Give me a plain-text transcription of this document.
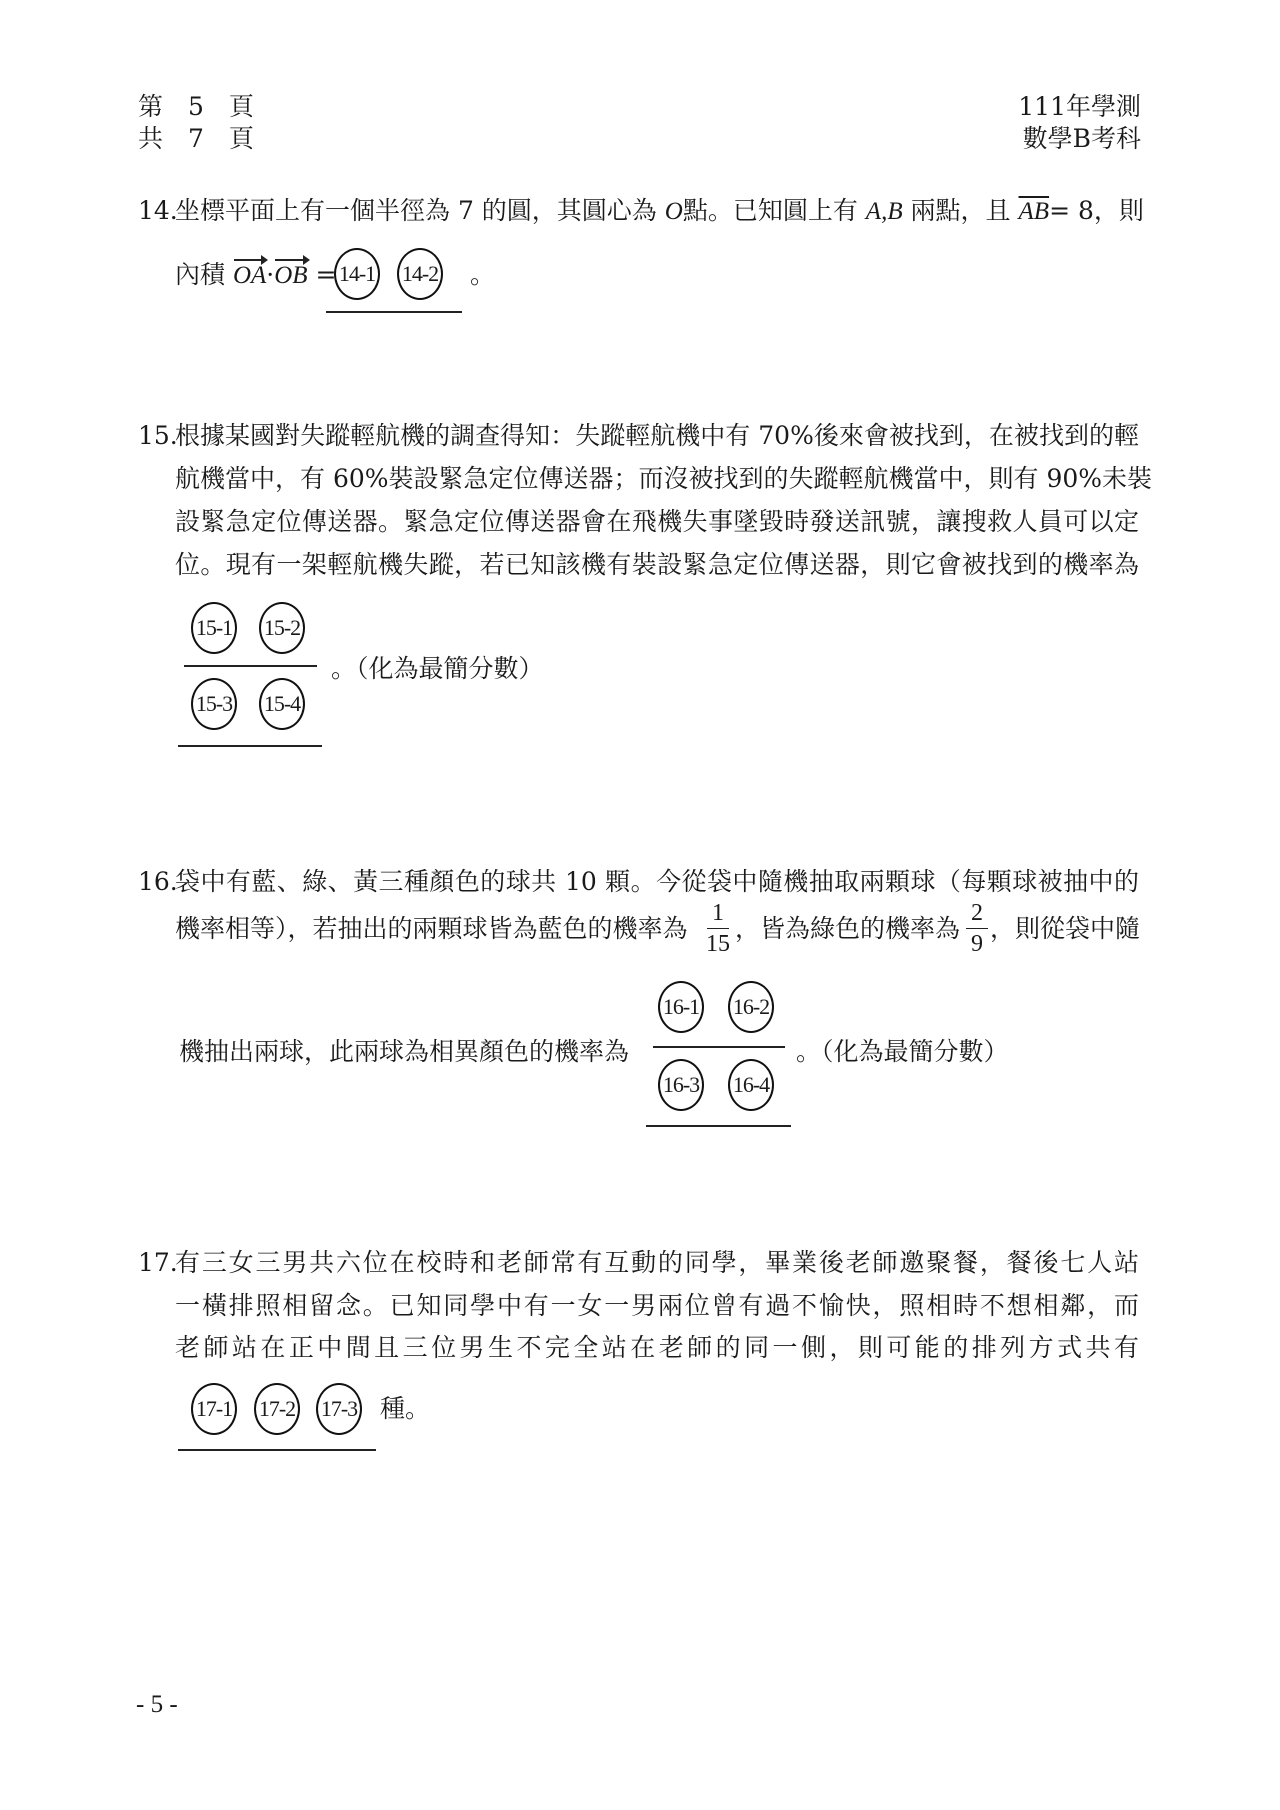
第　5　頁
共　7　頁
111年學測
數學B考科
14.
坐標平面上有一個半徑為 7 的圓，其圓心為 O點。已知圓上有 A,B 兩點，且 $\overline{AB}= 8$，則
內積 OA·OB = 14-1 14-2 。
15.
根據某國對失蹤輕航機的調查得知：失蹤輕航機中有 70%後來會被找到，在被找到的輕
航機當中，有 60%裝設緊急定位傳送器；而沒被找到的失蹤輕航機當中，則有 90%未裝
設緊急定位傳送器。緊急定位傳送器會在飛機失事墜毀時發送訊號，讓搜救人員可以定
位。現有一架輕航機失蹤，若已知該機有裝設緊急定位傳送器，則它會被找到的機率為
15-1 15-2
15-3 15-4
。（化為最簡分數）
16.
袋中有藍、綠、黃三種顏色的球共 10 顆。今從袋中隨機抽取兩顆球（每顆球被抽中的
機率相等），若抽出的兩顆球皆為藍色的機率為
1
15
，皆為綠色的機率為
2
9
，則從袋中隨
機抽出兩球，此兩球為相異顏色的機率為
16-1 16-2
16-3 16-4
。（化為最簡分數）
17.
有三女三男共六位在校時和老師常有互動的同學，畢業後老師邀聚餐，餐後七人站
一橫排照相留念。已知同學中有一女一男兩位曾有過不愉快，照相時不想相鄰，而
老師站在正中間且三位男生不完全站在老師的同一側，則可能的排列方式共有
17-1 17-2 17-3 種。
- 5 -
